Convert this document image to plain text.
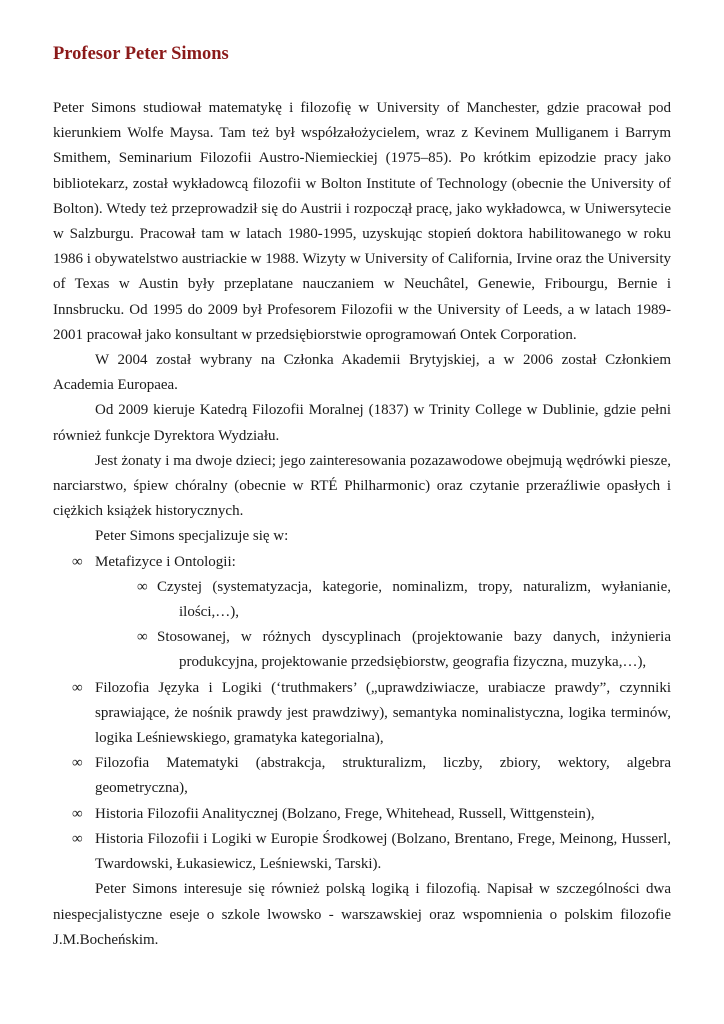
Profesor Peter Simons

Peter Simons studiował matematykę i filozofię w University of Manchester, gdzie pracował pod kierunkiem Wolfe Maysa. Tam też był współzałożycielem, wraz z Kevinem Mulliganem i Barrym Smithem, Seminarium Filozofii Austro-Niemieckiej (1975–85). Po krótkim epizodzie pracy jako bibliotekarz, został wykładowcą filozofii w Bolton Institute of Technology (obecnie the University of Bolton). Wtedy też przeprowadził się do Austrii i rozpoczął pracę, jako wykładowca, w Uniwersytecie w Salzburgu. Pracował tam w latach 1980-1995, uzyskując stopień doktora habilitowanego w roku 1986 i obywatelstwo austriackie w 1988. Wizyty w University of California, Irvine oraz the University of Texas w Austin były przeplatane nauczaniem w Neuchâtel, Genewie, Fribourgu, Bernie i Innsbrucku. Od 1995 do 2009 był Profesorem Filozofii w the University of Leeds, a w latach 1989-2001 pracował jako konsultant w przedsiębiorstwie oprogramowań Ontek Corporation.

W 2004 został wybrany na Członka Akademii Brytyjskiej, a w 2006 został Członkiem Academia Europaea.

Od 2009 kieruje Katedrą Filozofii Moralnej (1837) w Trinity College w Dublinie, gdzie pełni również funkcje Dyrektora Wydziału.

Jest żonaty i ma dwoje dzieci; jego zainteresowania pozazawodowe obejmują wędrówki piesze, narciarstwo, śpiew chóralny (obecnie w RTÉ Philharmonic) oraz czytanie przeraźliwie opasłych i ciężkich książek historycznych.

Peter Simons specjalizuje się w:

∞ Metafizyce i Ontologii:
∞ Czystej (systematyzacja, kategorie, nominalizm, tropy, naturalizm, wyłanianie, ilości,…),
∞ Stosowanej, w różnych dyscyplinach (projektowanie bazy danych, inżynieria produkcyjna, projektowanie przedsiębiorstw, geografia fizyczna, muzyka,…),
∞ Filozofia Języka i Logiki (‘truthmakers’ („uprawdziwiacze, urabiacze prawdy”, czynniki sprawiające, że nośnik prawdy jest prawdziwy), semantyka nominalistyczna, logika terminów, logika Leśniewskiego, gramatyka kategorialna),
∞ Filozofia Matematyki (abstrakcja, strukturalizm, liczby, zbiory, wektory, algebra geometryczna),
∞ Historia Filozofii Analitycznej (Bolzano, Frege, Whitehead, Russell, Wittgenstein),
∞ Historia Filozofii i Logiki w Europie Środkowej (Bolzano, Brentano, Frege, Meinong, Husserl, Twardowski, Łukasiewicz, Leśniewski, Tarski).

Peter Simons interesuje się również polską logiką i filozofią. Napisał w szczególności dwa niespecjalistyczne eseje o szkole lwowsko - warszawskiej oraz wspomnienia o polskim filozofie J.M.Bocheńskim.
